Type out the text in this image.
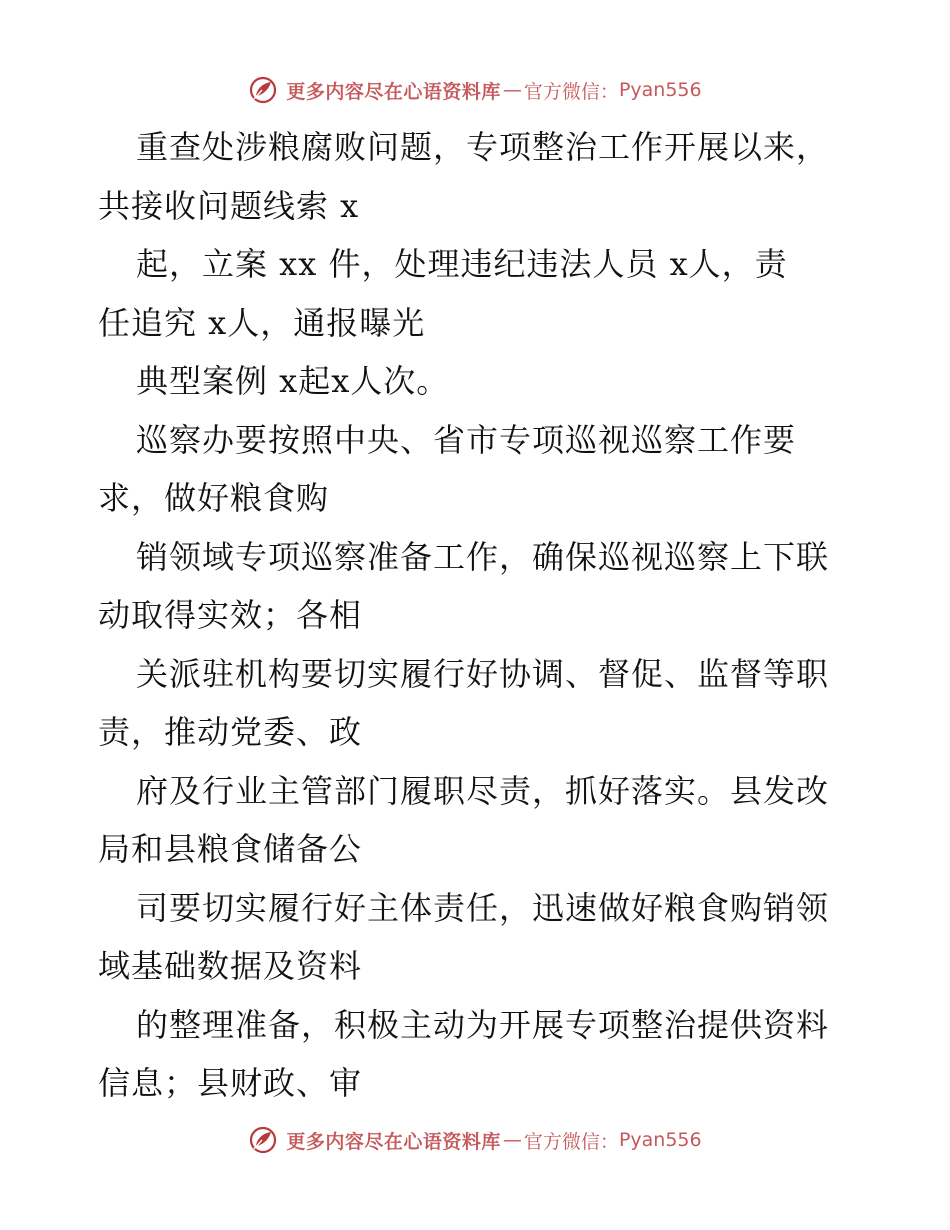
更多内容尽在心语资料库 — 官方微信： Pyan556
重查处涉粮腐败问题，专项整治工作开展以来，
共接收问题线索 x
起，立案 xx 件，处理违纪违法人员 x人，责
任追究 x人，通报曝光
典型案例 x起x人次。
巡察办要按照中央、省市专项巡视巡察工作要
求，做好粮食购
销领域专项巡察准备工作，确保巡视巡察上下联
动取得实效；各相
关派驻机构要切实履行好协调、督促、监督等职
责，推动党委、政
府及行业主管部门履职尽责，抓好落实。县发改
局和县粮食储备公
司要切实履行好主体责任，迅速做好粮食购销领
域基础数据及资料
的整理准备，积极主动为开展专项整治提供资料
信息；县财政、审
更多内容尽在心语资料库 — 官方微信： Pyan556
